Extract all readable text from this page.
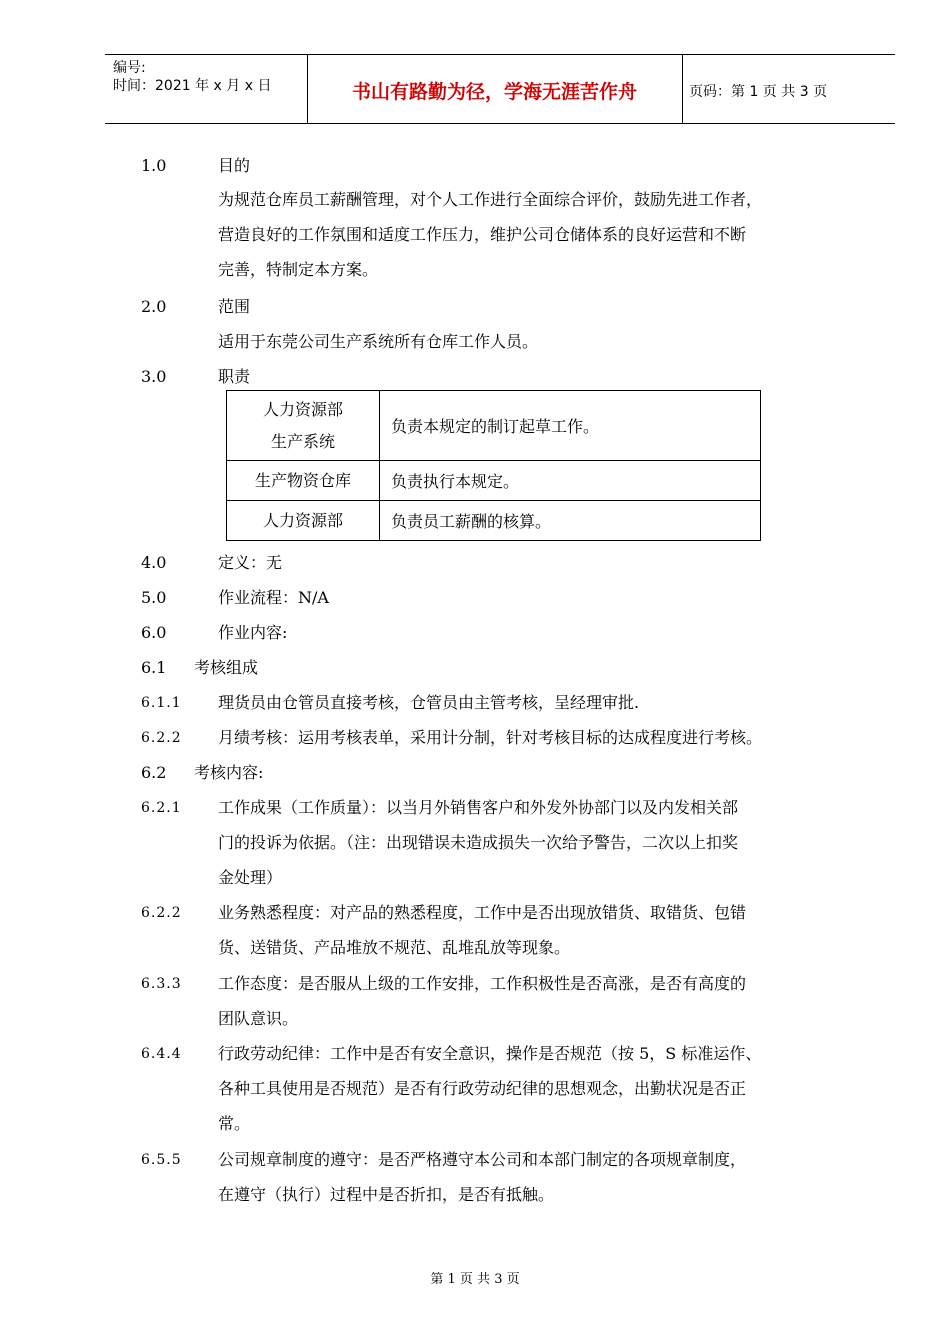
编号:
时间：2021 年 x 月 x 日	书山有路勤为径，学海无涯苦作舟	页码：第 1 页 共 3 页
1.0	目的
为规范仓库员工薪酬管理，对个人工作进行全面综合评价，鼓励先进工作者，
营造良好的工作氛围和适度工作压力，维护公司仓储体系的良好运营和不断
完善，特制定本方案。
2.0	范围
适用于东莞公司生产系统所有仓库工作人员。
3.0	职责
人力资源部
生产系统	负责本规定的制订起草工作。
生产物资仓库	负责执行本规定。
人力资源部	负责员工薪酬的核算。
4.0	定义：无
5.0	作业流程：N/A
6.0	作业内容:
6.1 考核组成
6.1.1 理货员由仓管员直接考核，仓管员由主管考核，呈经理审批.
6.2.2 月绩考核：运用考核表单，采用计分制，针对考核目标的达成程度进行考核。
6.2 考核内容:
6.2.1 工作成果（工作质量）：以当月外销售客户和外发外协部门以及内发相关部
门的投诉为依据。（注：出现错误未造成损失一次给予警告，二次以上扣奖
金处理）
6.2.2 业务熟悉程度：对产品的熟悉程度，工作中是否出现放错货、取错货、包错
货、送错货、产品堆放不规范、乱堆乱放等现象。
6.3.3 工作态度：是否服从上级的工作安排，工作积极性是否高涨，是否有高度的
团队意识。
6.4.4 行政劳动纪律：工作中是否有安全意识，操作是否规范（按 5，S 标准运作、
各种工具使用是否规范）是否有行政劳动纪律的思想观念，出勤状况是否正
常。
6.5.5 公司规章制度的遵守：是否严格遵守本公司和本部门制定的各项规章制度，
在遵守（执行）过程中是否折扣，是否有抵触。
第 1 页 共 3 页
